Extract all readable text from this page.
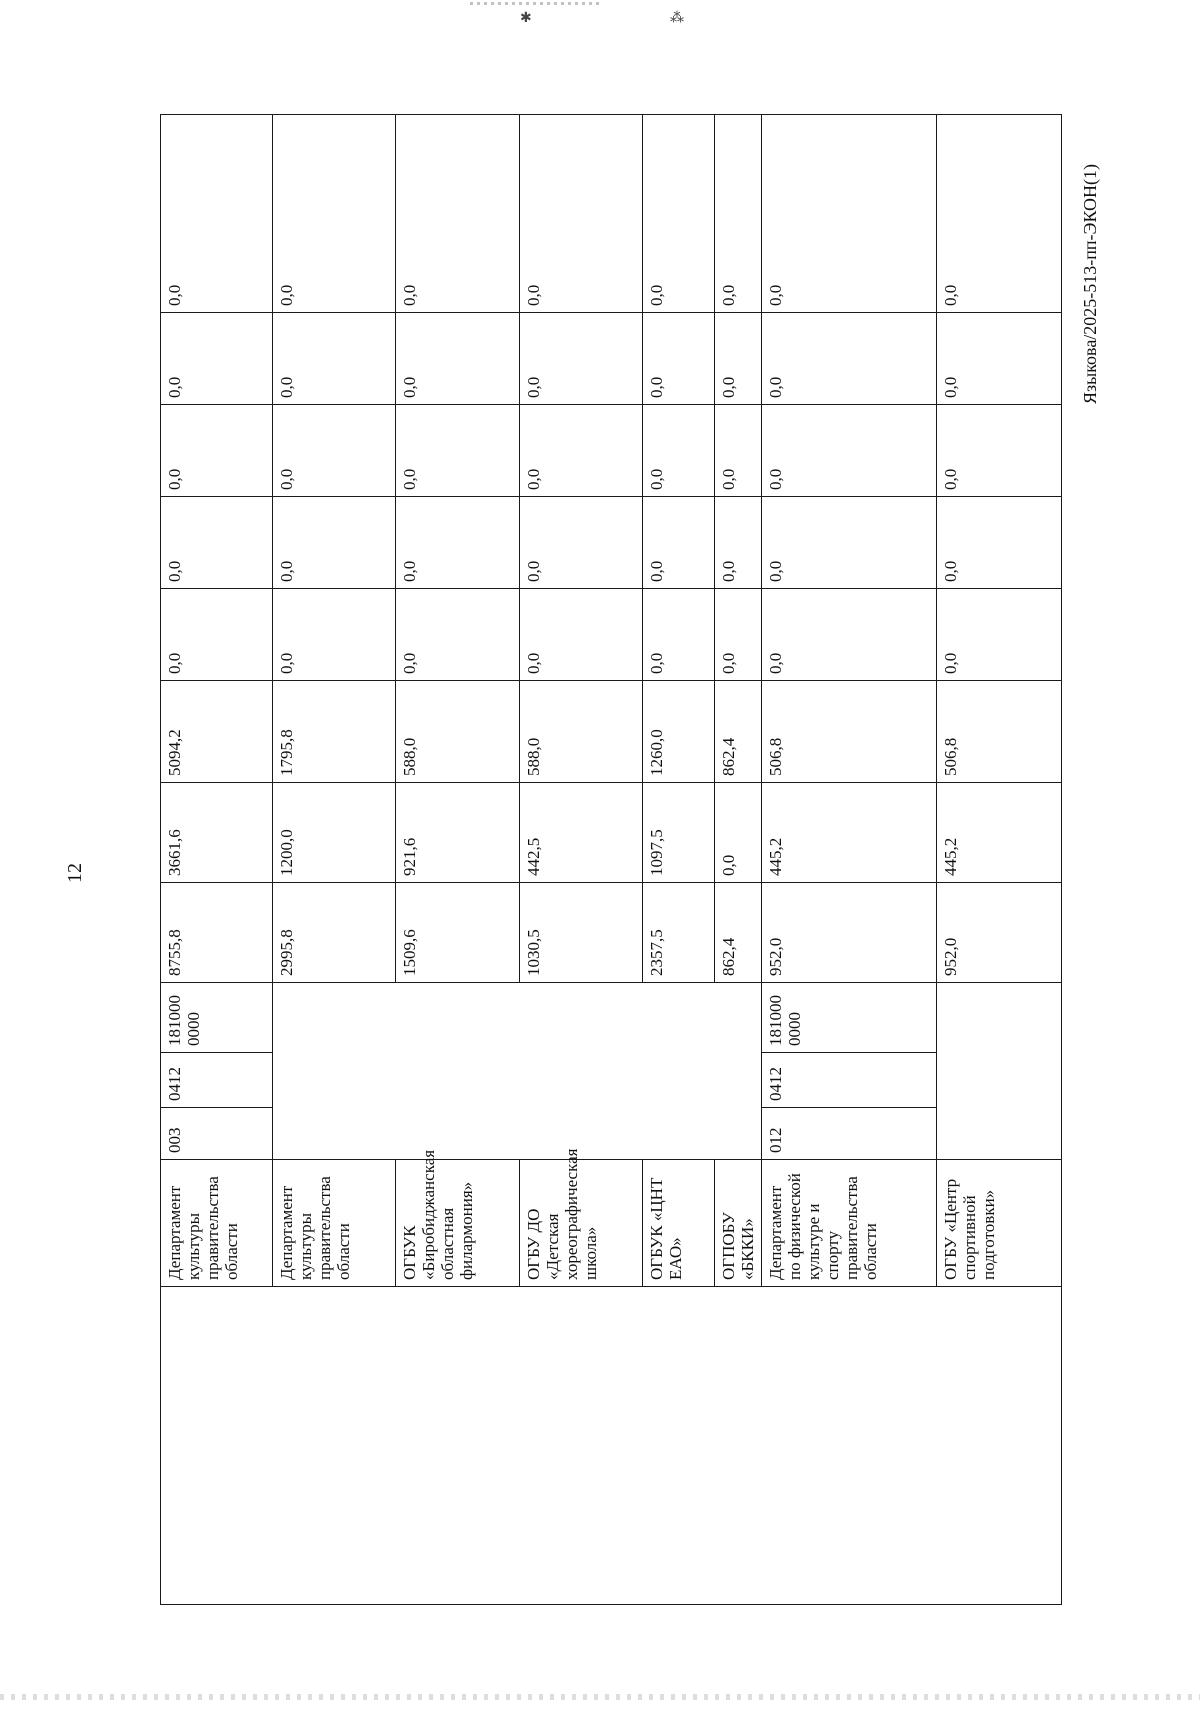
✱	⁂
12
Языкова/2025-513-пп-ЭКОН(1)
	Департамент культуры правительства области	003	0412	1810000000	8755,8	3661,6	5094,2	0,0	0,0	0,0	0,0	0,0
	Департамент культуры правительства области				2995,8	1200,0	1795,8	0,0	0,0	0,0	0,0	0,0
	ОГБУК «Биробиджанская областная филармония»				1509,6	921,6	588,0	0,0	0,0	0,0	0,0	0,0
	ОГБУ ДО «Детская хореографическая школа»				1030,5	442,5	588,0	0,0	0,0	0,0	0,0	0,0
	ОГБУК «ЦНТ ЕАО»				2357,5	1097,5	1260,0	0,0	0,0	0,0	0,0	0,0
	ОГПОБУ «БККИ»				862,4	0,0	862,4	0,0	0,0	0,0	0,0	0,0
	Департамент по физической культуре и спорту правительства области	012	0412	1810000000	952,0	445,2	506,8	0,0	0,0	0,0	0,0	0,0
	ОГБУ «Центр спортивной подготовки»				952,0	445,2	506,8	0,0	0,0	0,0	0,0	0,0
